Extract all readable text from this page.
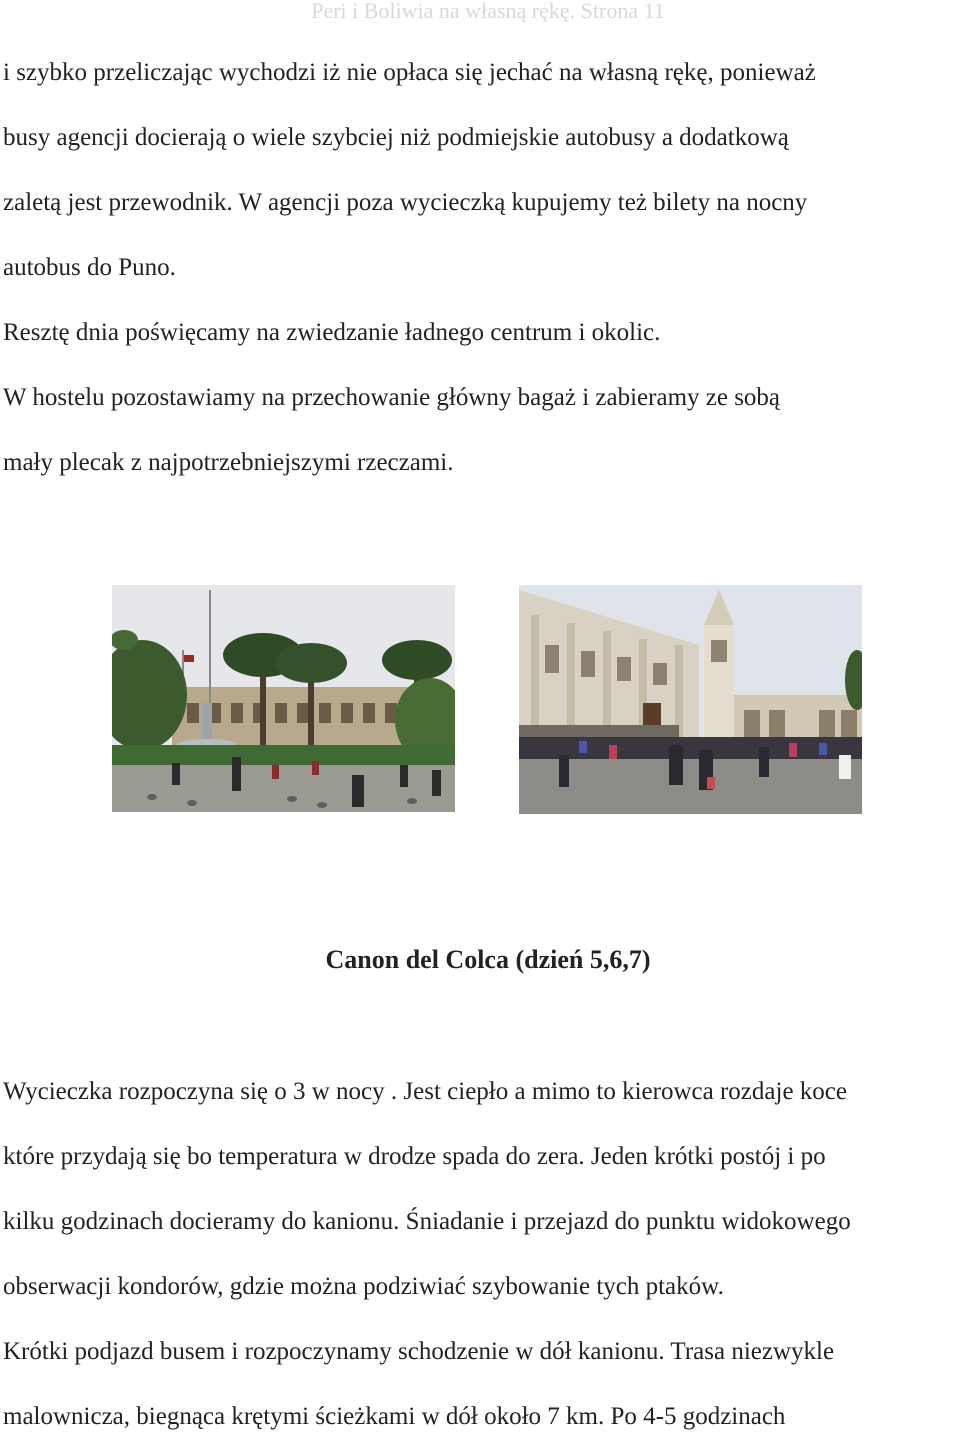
Peri i Boliwia na własną rękę. Strona 11
i szybko przeliczając wychodzi iż nie opłaca się jechać na własną rękę, ponieważ
busy agencji docierają o wiele szybciej niż podmiejskie autobusy a dodatkową
zaletą jest przewodnik. W agencji poza wycieczką kupujemy też bilety na nocny
autobus do Puno.
Resztę dnia poświęcamy na zwiedzanie ładnego centrum i okolic.
W hostelu pozostawiamy na przechowanie główny bagaż i zabieramy ze sobą
mały plecak z najpotrzebniejszymi rzeczami.
Canon del Colca (dzień 5,6,7)
Wycieczka rozpoczyna się o 3 w nocy . Jest ciepło a mimo to kierowca rozdaje koce
które przydają się bo temperatura w drodze spada do zera. Jeden krótki postój i po
kilku godzinach docieramy do kanionu. Śniadanie i przejazd do punktu widokowego
obserwacji kondorów, gdzie można podziwiać szybowanie tych ptaków.
Krótki podjazd busem i rozpoczynamy schodzenie w dół kanionu. Trasa niezwykle
malownicza, biegnąca krętymi ścieżkami w dół około 7 km. Po 4-5 godzinach
